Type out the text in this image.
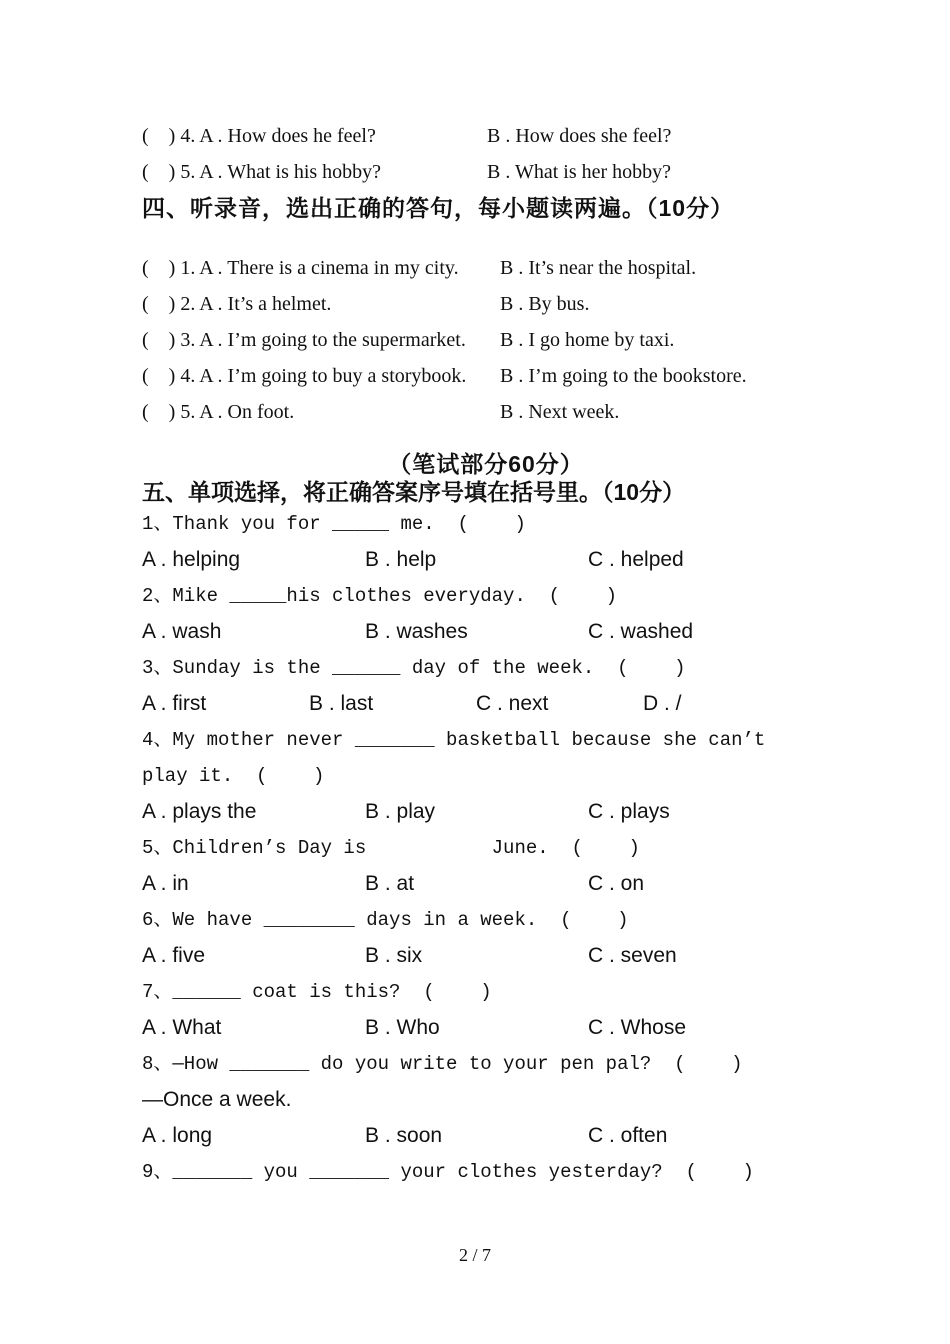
(    ) 4. A . How does he feel?	B . How does she feel?
(    ) 5. A . What is his hobby?	B . What is her hobby?
四、听录音，选出正确的答句，每小题读两遍。（10分）
(    ) 1. A . There is a cinema in my city.	B . It’s near the hospital.
(    ) 2. A . It’s a helmet.	B . By bus.
(    ) 3. A . I’m going to the supermarket.	B . I go home by taxi.
(    ) 4. A . I’m going to buy a storybook.	B . I’m going to the bookstore.
(    ) 5. A . On foot.	B . Next week.
（笔试部分60分）
五、单项选择，将正确答案序号填在括号里。（10分）
1、Thank you for _____ me.  (    )
A . helping	B . help	C . helped
2、Mike _____his clothes everyday.  (    )
A . wash	B . washes	C . washed
3、Sunday is the ______ day of the week.  (    )
A . first	B . last	C . next	D . /
4、My mother never _______ basketball because she can’t
play it.  (    )
A . plays the	B . play	C . plays
5、Children’s Day is           June.  (    )
A . in	B . at	C . on
6、We have ________ days in a week.  (    )
A . five	B . six	C . seven
7、______ coat is this?  (    )
A . What	B . Who	C . Whose
8、—How _______ do you write to your pen pal?  (    )
—Once a week.
A . long	B . soon	C . often
9、_______ you _______ your clothes yesterday?  (    )
2 / 7
